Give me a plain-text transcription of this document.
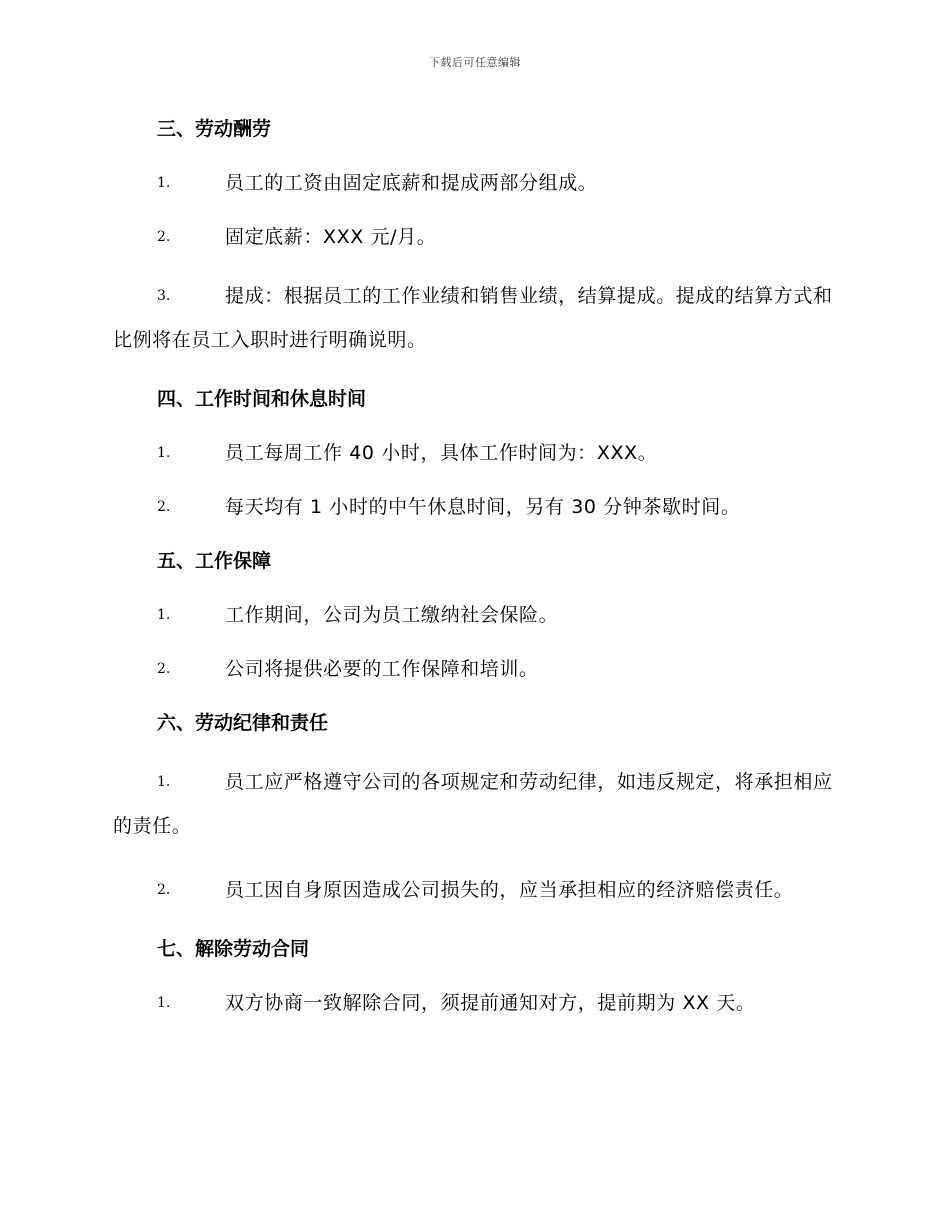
下载后可任意编辑
三、劳动酬劳
1.	员工的工资由固定底薪和提成两部分组成。
2.	固定底薪：XXX 元/月。
3.	提成：根据员工的工作业绩和销售业绩，结算提成。提成的结算方式和比例将在员工入职时进行明确说明。
四、工作时间和休息时间
1.	员工每周工作 40 小时，具体工作时间为：XXX。
2.	每天均有 1 小时的中午休息时间，另有 30 分钟茶歇时间。
五、工作保障
1.	工作期间，公司为员工缴纳社会保险。
2.	公司将提供必要的工作保障和培训。
六、劳动纪律和责任
1.	员工应严格遵守公司的各项规定和劳动纪律，如违反规定，将承担相应的责任。
2.	员工因自身原因造成公司损失的，应当承担相应的经济赔偿责任。
七、解除劳动合同
1.	双方协商一致解除合同，须提前通知对方，提前期为 XX 天。
